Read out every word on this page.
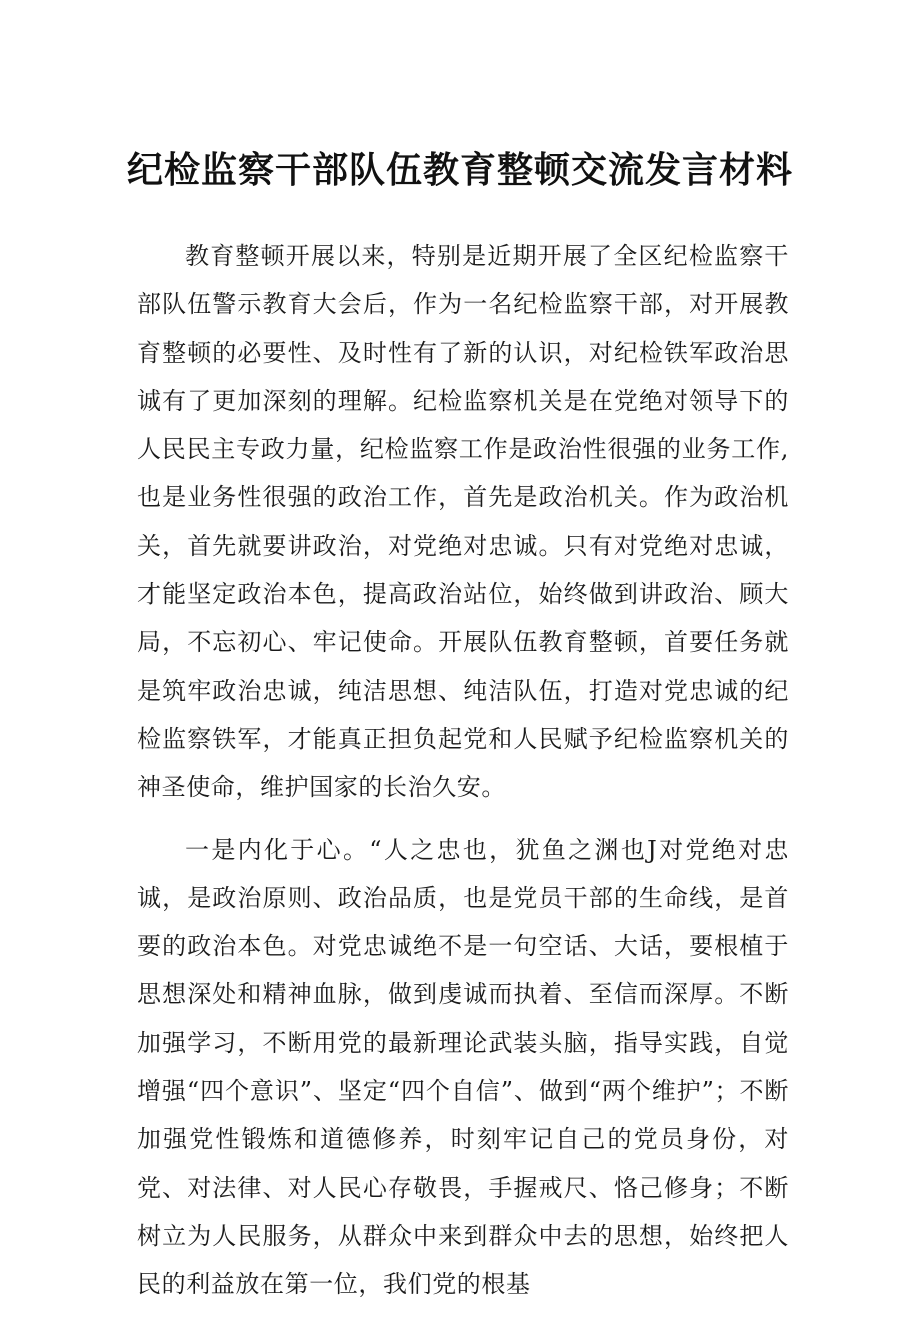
纪检监察干部队伍教育整顿交流发言材料

教育整顿开展以来，特别是近期开展了全区纪检监察干部队伍警示教育大会后，作为一名纪检监察干部，对开展教育整顿的必要性、及时性有了新的认识，对纪检铁军政治思诚有了更加深刻的理解。纪检监察机关是在党绝对领导下的人民民主专政力量，纪检监察工作是政治性很强的业务工作,也是业务性很强的政治工作，首先是政治机关。作为政治机关，首先就要讲政治，对党绝对忠诚。只有对党绝对忠诚，才能坚定政治本色，提高政治站位，始终做到讲政治、顾大局，不忘初心、牢记使命。开展队伍教育整顿，首要任务就是筑牢政治忠诚，纯洁思想、纯洁队伍，打造对党忠诚的纪检监察铁军，才能真正担负起党和人民赋予纪检监察机关的神圣使命，维护国家的长治久安。

一是内化于心。“人之忠也，犹鱼之渊也J对党绝对忠诚，是政治原则、政治品质，也是党员干部的生命线，是首要的政治本色。对党忠诚绝不是一句空话、大话，要根植于思想深处和精神血脉，做到虔诚而执着、至信而深厚。不断加强学习，不断用党的最新理论武装头脑，指导实践，自觉增强“四个意识”、坚定“四个自信”、做到“两个维护”；不断加强党性锻炼和道德修养，时刻牢记自己的党员身份，对党、对法律、对人民心存敬畏，手握戒尺、恪己修身；不断树立为人民服务，从群众中来到群众中去的思想，始终把人民的利益放在第一位，我们党的根基
